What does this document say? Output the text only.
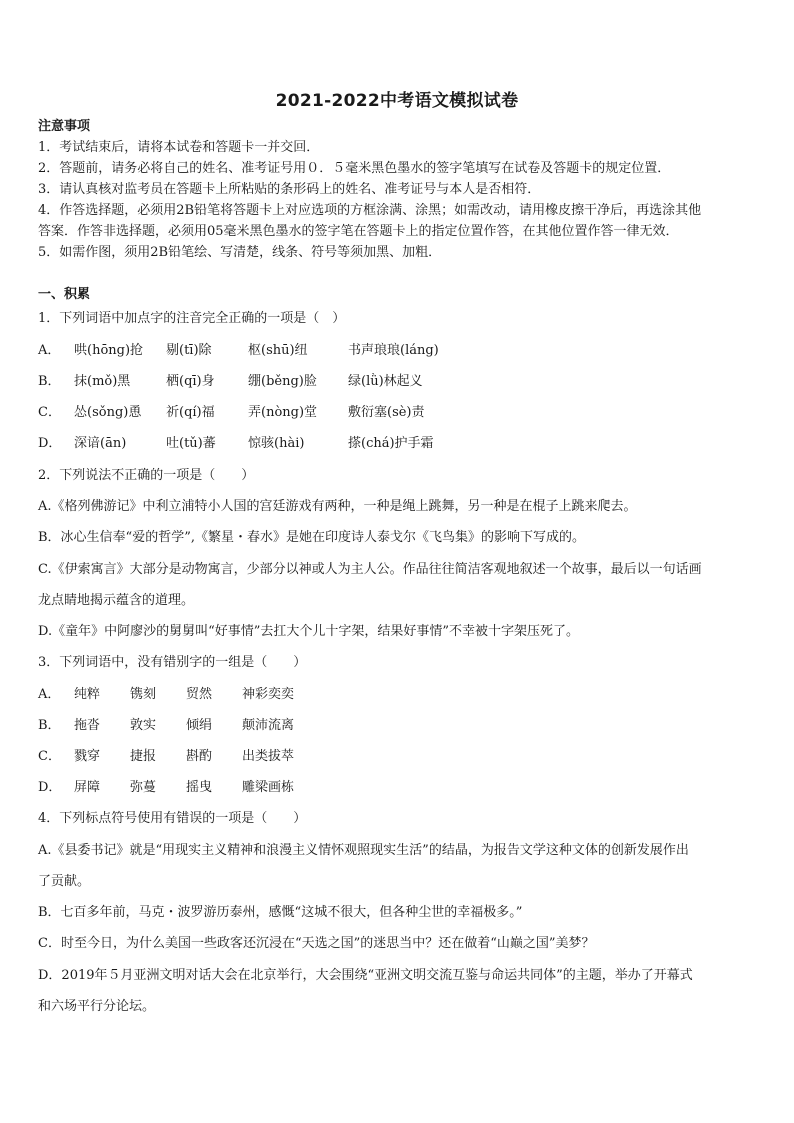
2021-2022中考语文模拟试卷
注意事项
1．考试结束后，请将本试卷和答题卡一并交回．
2．答题前，请务必将自己的姓名、准考证号用０．５毫米黑色墨水的签字笔填写在试卷及答题卡的规定位置．
3．请认真核对监考员在答题卡上所粘贴的条形码上的姓名、准考证号与本人是否相符．
4．作答选择题，必须用2B铅笔将答题卡上对应选项的方框涂满、涂黑；如需改动，请用橡皮擦干净后，再选涂其他
答案．作答非选择题，必须用05毫米黑色墨水的签字笔在答题卡上的指定位置作答，在其他位置作答一律无效．
5．如需作图，须用2B铅笔绘、写清楚，线条、符号等须加黑、加粗．
一、积累
1．下列词语中加点字的注音完全正确的一项是（　）
A．	哄(hōng)抢	剔(tī)除	枢(shū)纽	书声琅琅(láng)
B．	抹(mǒ)黑	栖(qī)身	绷(běng)脸	绿(lǜ)林起义
C．	怂(sǒng)恿	祈(qí)福	弄(nòng)堂	敷衍塞(sè)责
D． 深谙(ān)	吐(tǔ)蕃	惊骇(hài)	搽(chá)护手霜
2．下列说法不正确的一项是（　　）
A.《格列佛游记》中利立浦特小人国的宫廷游戏有两种，一种是绳上跳舞，另一种是在棍子上跳来爬去。
B．冰心生信奉“爱的哲学”,《繁星・春水》是她在印度诗人泰戈尔《飞鸟集》的影响下写成的。
C.《伊索寓言》大部分是动物寓言，少部分以神或人为主人公。作品往往简洁客观地叙述一个故事，最后以一句话画
龙点睛地揭示蕴含的道理。
D.《童年》中阿廖沙的舅舅叫“好事情”去扛大个儿十字架，结果好事情”不幸被十字架压死了。
3．下列词语中，没有错别字的一组是（　　）
A．	纯粹	镌刻	贸然	神彩奕奕
B．	拖沓	敦实	倾绢	颠沛流离
C．	戮穿	捷报	斟酌	出类拔萃
D． 屏障	弥蔓	摇曳	雕梁画栋
4．下列标点符号使用有错误的一项是（　　）
A.《县委书记》就是“用现实主义精神和浪漫主义情怀观照现实生活”的结晶，为报告文学这种文体的创新发展作出
了贡献。
B．七百多年前，马克・波罗游历泰州，感慨“这城不很大，但各种尘世的幸福极多。”
C．时至今日，为什么美国一些政客还沉浸在“天选之国”的迷思当中？还在做着“山巅之国”美梦？
D．2019年５月亚洲文明对话大会在北京举行，大会围绕“亚洲文明交流互鉴与命运共同体”的主题，举办了开幕式
和六场平行分论坛。
